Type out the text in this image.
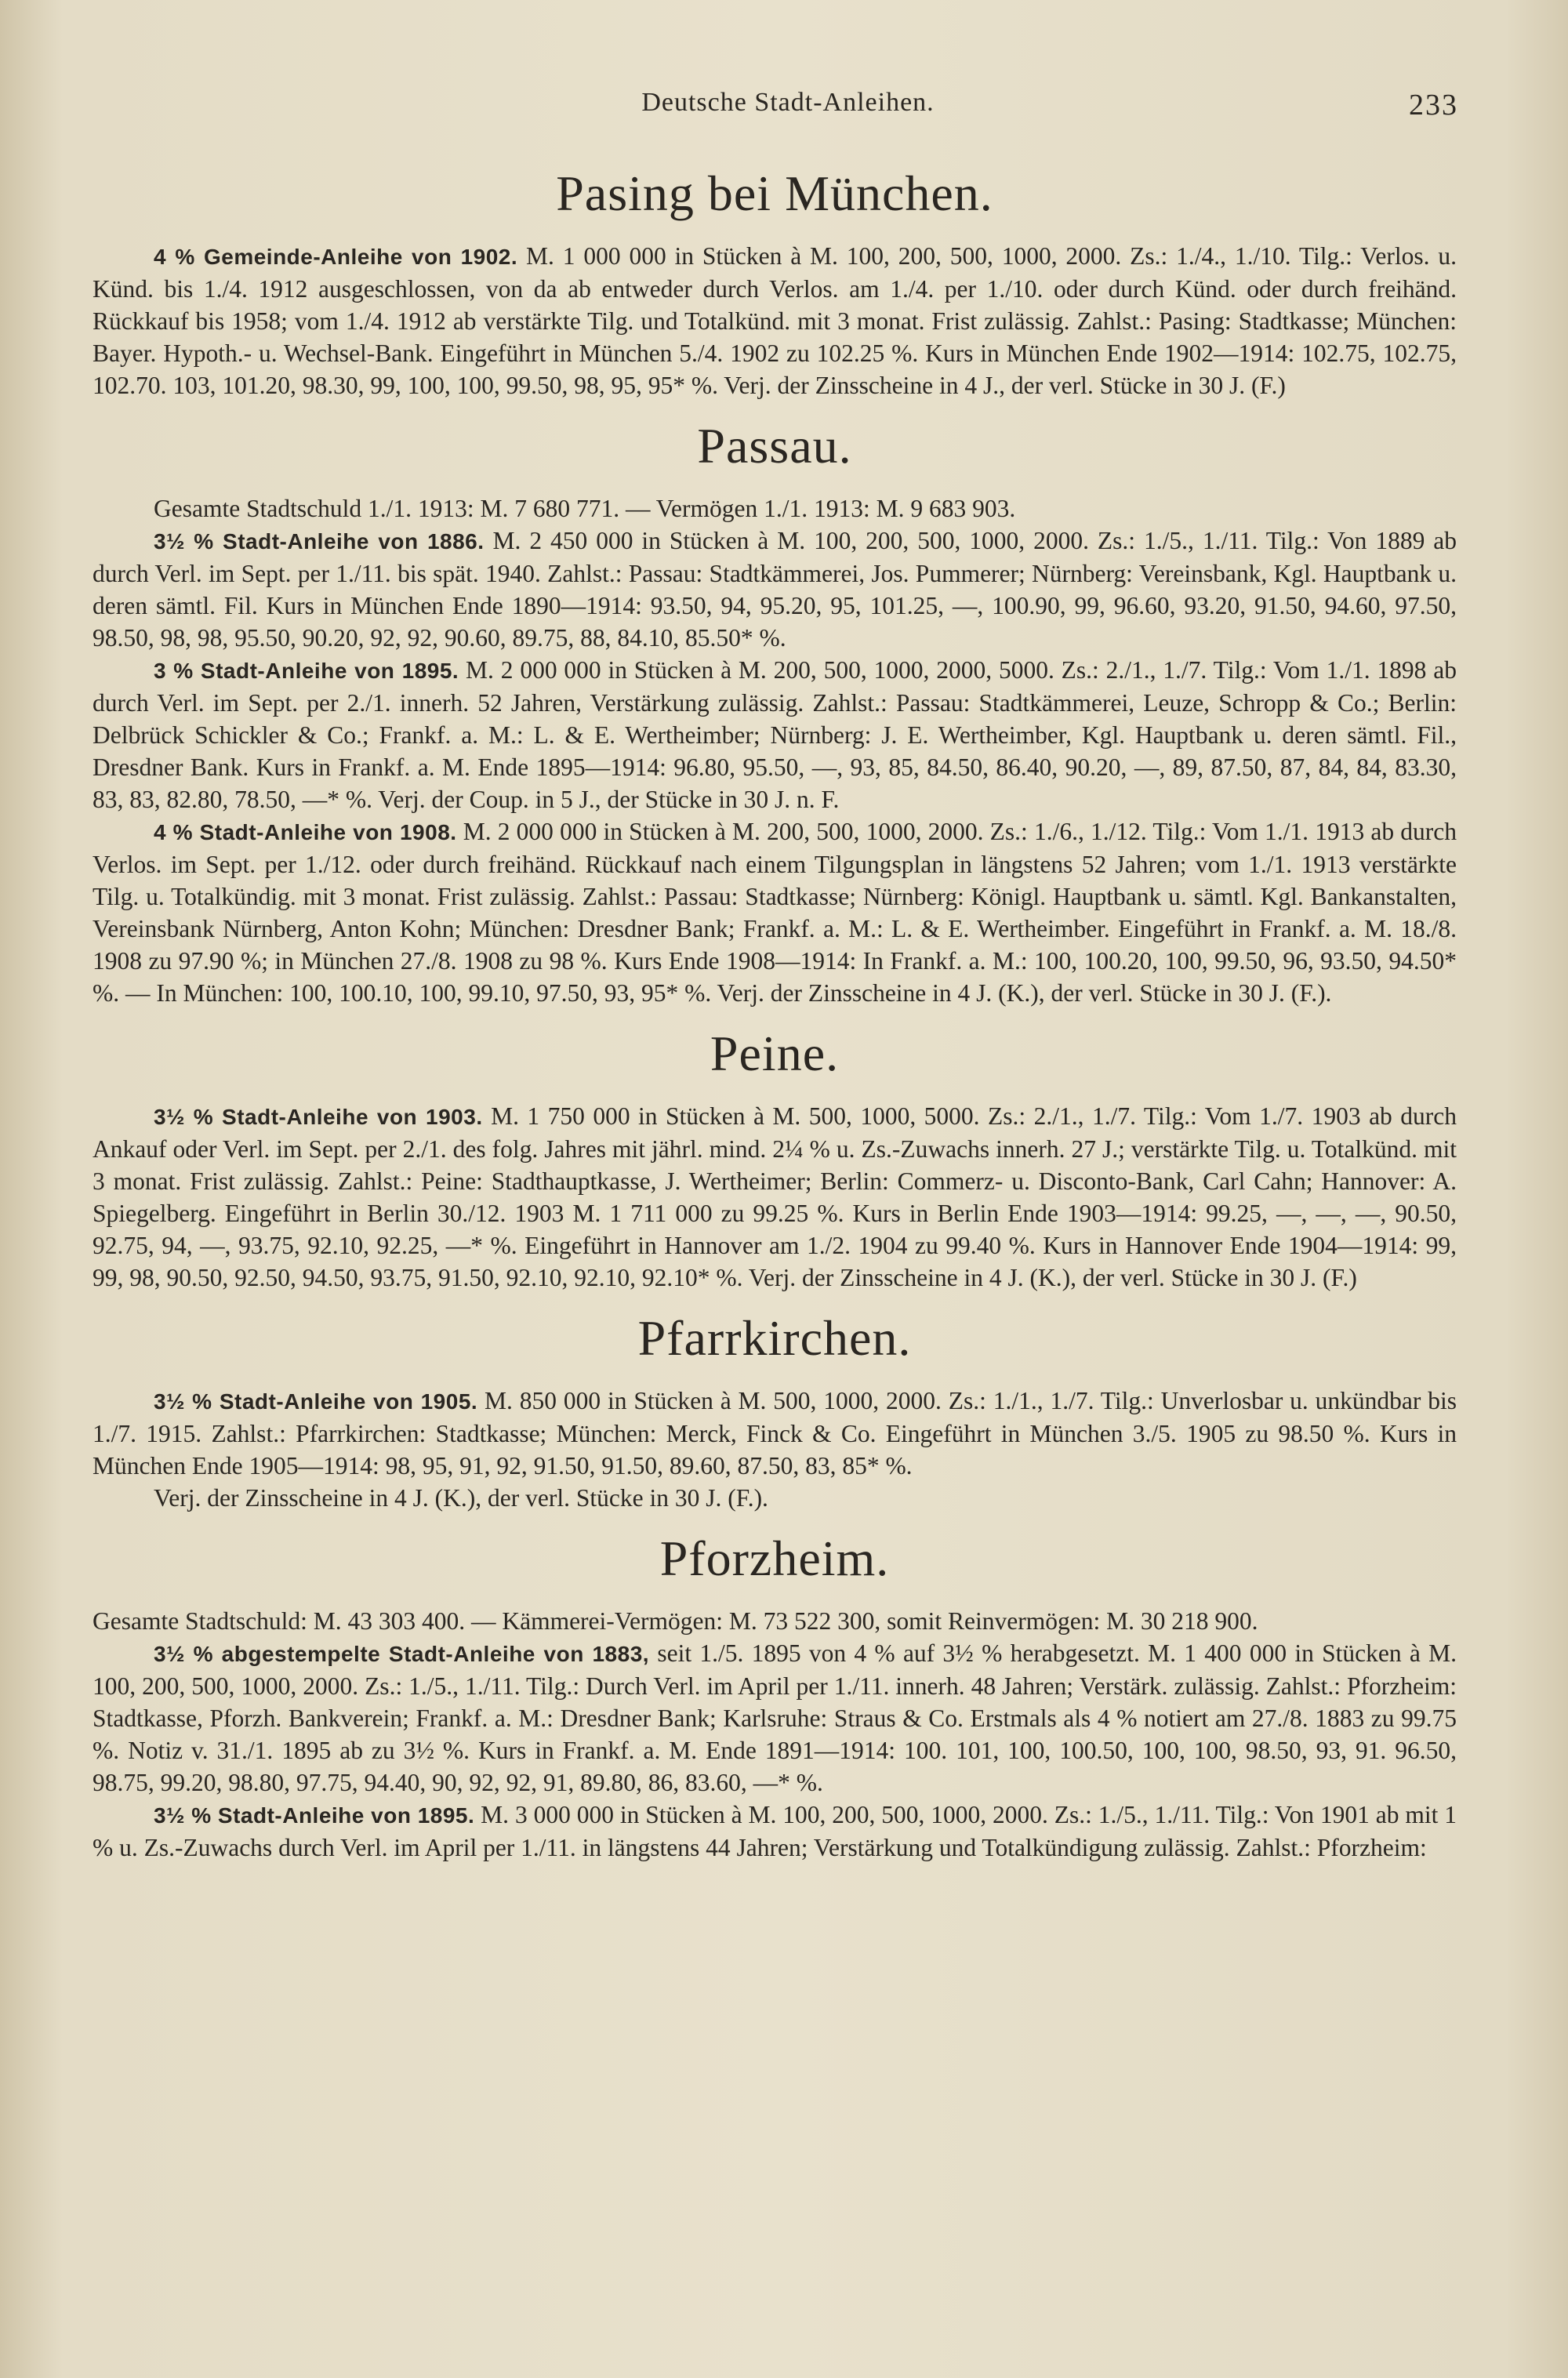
Deutsche Stadt-Anleihen.	233
Pasing bei München.

4 % Gemeinde-Anleihe von 1902. M. 1 000 000 in Stücken à M. 100, 200, 500, 1000, 2000. Zs.: 1./4., 1./10. Tilg.: Verlos. u. Künd. bis 1./4. 1912 ausgeschlossen, von da ab entweder durch Verlos. am 1./4. per 1./10. oder durch Künd. oder durch freihänd. Rückkauf bis 1958; vom 1./4. 1912 ab verstärkte Tilg. und Totalkünd. mit 3 monat. Frist zulässig. Zahlst.: Pasing: Stadtkasse; München: Bayer. Hypoth.- u. Wechsel-Bank. Eingeführt in München 5./4. 1902 zu 102.25 %. Kurs in München Ende 1902—1914: 102.75, 102.75, 102.70. 103, 101.20, 98.30, 99, 100, 100, 99.50, 98, 95, 95* %. Verj. der Zinsscheine in 4 J., der verl. Stücke in 30 J. (F.)

Passau.

Gesamte Stadtschuld 1./1. 1913: M. 7 680 771. — Vermögen 1./1. 1913: M. 9 683 903.

3½ % Stadt-Anleihe von 1886. M. 2 450 000 in Stücken à M. 100, 200, 500, 1000, 2000. Zs.: 1./5., 1./11. Tilg.: Von 1889 ab durch Verl. im Sept. per 1./11. bis spät. 1940. Zahlst.: Passau: Stadtkämmerei, Jos. Pummerer; Nürnberg: Vereinsbank, Kgl. Hauptbank u. deren sämtl. Fil. Kurs in München Ende 1890—1914: 93.50, 94, 95.20, 95, 101.25, —, 100.90, 99, 96.60, 93.20, 91.50, 94.60, 97.50, 98.50, 98, 98, 95.50, 90.20, 92, 92, 90.60, 89.75, 88, 84.10, 85.50* %.

3 % Stadt-Anleihe von 1895. M. 2 000 000 in Stücken à M. 200, 500, 1000, 2000, 5000. Zs.: 2./1., 1./7. Tilg.: Vom 1./1. 1898 ab durch Verl. im Sept. per 2./1. innerh. 52 Jahren, Verstärkung zulässig. Zahlst.: Passau: Stadtkämmerei, Leuze, Schropp & Co.; Berlin: Delbrück Schickler & Co.; Frankf. a. M.: L. & E. Wertheimber; Nürnberg: J. E. Wertheimber, Kgl. Hauptbank u. deren sämtl. Fil., Dresdner Bank. Kurs in Frankf. a. M. Ende 1895—1914: 96.80, 95.50, —, 93, 85, 84.50, 86.40, 90.20, —, 89, 87.50, 87, 84, 84, 83.30, 83, 83, 82.80, 78.50, —* %. Verj. der Coup. in 5 J., der Stücke in 30 J. n. F.

4 % Stadt-Anleihe von 1908. M. 2 000 000 in Stücken à M. 200, 500, 1000, 2000. Zs.: 1./6., 1./12. Tilg.: Vom 1./1. 1913 ab durch Verlos. im Sept. per 1./12. oder durch freihänd. Rückkauf nach einem Tilgungsplan in längstens 52 Jahren; vom 1./1. 1913 verstärkte Tilg. u. Totalkündig. mit 3 monat. Frist zulässig. Zahlst.: Passau: Stadtkasse; Nürnberg: Königl. Hauptbank u. sämtl. Kgl. Bankanstalten, Vereinsbank Nürnberg, Anton Kohn; München: Dresdner Bank; Frankf. a. M.: L. & E. Wertheimber. Eingeführt in Frankf. a. M. 18./8. 1908 zu 97.90 %; in München 27./8. 1908 zu 98 %. Kurs Ende 1908—1914: In Frankf. a. M.: 100, 100.20, 100, 99.50, 96, 93.50, 94.50* %. — In München: 100, 100.10, 100, 99.10, 97.50, 93, 95* %. Verj. der Zinsscheine in 4 J. (K.), der verl. Stücke in 30 J. (F.).

Peine.

3½ % Stadt-Anleihe von 1903. M. 1 750 000 in Stücken à M. 500, 1000, 5000. Zs.: 2./1., 1./7. Tilg.: Vom 1./7. 1903 ab durch Ankauf oder Verl. im Sept. per 2./1. des folg. Jahres mit jährl. mind. 2¼ % u. Zs.-Zuwachs innerh. 27 J.; verstärkte Tilg. u. Totalkünd. mit 3 monat. Frist zulässig. Zahlst.: Peine: Stadthauptkasse, J. Wertheimer; Berlin: Commerz- u. Disconto-Bank, Carl Cahn; Hannover: A. Spiegelberg. Eingeführt in Berlin 30./12. 1903 M. 1 711 000 zu 99.25 %. Kurs in Berlin Ende 1903—1914: 99.25, —, —, —, 90.50, 92.75, 94, —, 93.75, 92.10, 92.25, —* %. Eingeführt in Hannover am 1./2. 1904 zu 99.40 %. Kurs in Hannover Ende 1904—1914: 99, 99, 98, 90.50, 92.50, 94.50, 93.75, 91.50, 92.10, 92.10, 92.10* %. Verj. der Zinsscheine in 4 J. (K.), der verl. Stücke in 30 J. (F.)

Pfarrkirchen.

3½ % Stadt-Anleihe von 1905. M. 850 000 in Stücken à M. 500, 1000, 2000. Zs.: 1./1., 1./7. Tilg.: Unverlosbar u. unkündbar bis 1./7. 1915. Zahlst.: Pfarrkirchen: Stadtkasse; München: Merck, Finck & Co. Eingeführt in München 3./5. 1905 zu 98.50 %. Kurs in München Ende 1905—1914: 98, 95, 91, 92, 91.50, 91.50, 89.60, 87.50, 83, 85* %.

Verj. der Zinsscheine in 4 J. (K.), der verl. Stücke in 30 J. (F.).

Pforzheim.

Gesamte Stadtschuld: M. 43 303 400. — Kämmerei-Vermögen: M. 73 522 300, somit Reinvermögen: M. 30 218 900.

3½ % abgestempelte Stadt-Anleihe von 1883, seit 1./5. 1895 von 4 % auf 3½ % herabgesetzt. M. 1 400 000 in Stücken à M. 100, 200, 500, 1000, 2000. Zs.: 1./5., 1./11. Tilg.: Durch Verl. im April per 1./11. innerh. 48 Jahren; Verstärk. zulässig. Zahlst.: Pforzheim: Stadtkasse, Pforzh. Bankverein; Frankf. a. M.: Dresdner Bank; Karlsruhe: Straus & Co. Erstmals als 4 % notiert am 27./8. 1883 zu 99.75 %. Notiz v. 31./1. 1895 ab zu 3½ %. Kurs in Frankf. a. M. Ende 1891—1914: 100. 101, 100, 100.50, 100, 100, 98.50, 93, 91. 96.50, 98.75, 99.20, 98.80, 97.75, 94.40, 90, 92, 92, 91, 89.80, 86, 83.60, —* %.

3½ % Stadt-Anleihe von 1895. M. 3 000 000 in Stücken à M. 100, 200, 500, 1000, 2000. Zs.: 1./5., 1./11. Tilg.: Von 1901 ab mit 1 % u. Zs.-Zuwachs durch Verl. im April per 1./11. in längstens 44 Jahren; Verstärkung und Totalkündigung zulässig. Zahlst.: Pforzheim:
